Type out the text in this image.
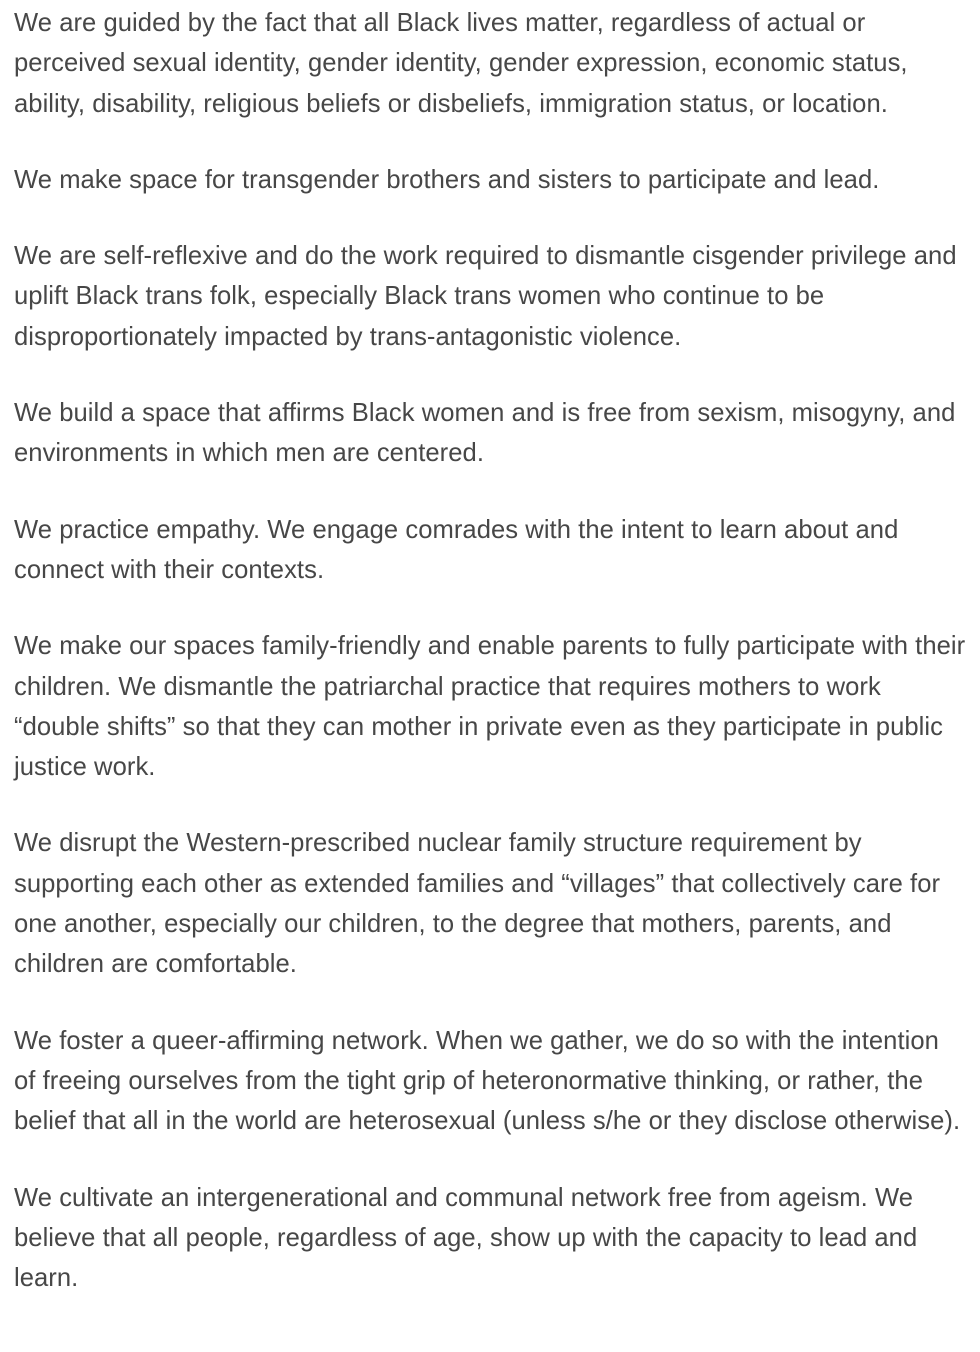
We are guided by the fact that all Black lives matter, regardless of actual or perceived sexual identity, gender identity, gender expression, economic status, ability, disability, religious beliefs or disbeliefs, immigration status, or location.

We make space for transgender brothers and sisters to participate and lead.

We are self-reflexive and do the work required to dismantle cisgender privilege and uplift Black trans folk, especially Black trans women who continue to be disproportionately impacted by trans-antagonistic violence.

We build a space that affirms Black women and is free from sexism, misogyny, and environments in which men are centered.

We practice empathy. We engage comrades with the intent to learn about and connect with their contexts.

We make our spaces family-friendly and enable parents to fully participate with their children. We dismantle the patriarchal practice that requires mothers to work “double shifts” so that they can mother in private even as they participate in public justice work.

We disrupt the Western-prescribed nuclear family structure requirement by supporting each other as extended families and “villages” that collectively care for one another, especially our children, to the degree that mothers, parents, and children are comfortable.

We foster a queer‐affirming network. When we gather, we do so with the intention of freeing ourselves from the tight grip of heteronormative thinking, or rather, the belief that all in the world are heterosexual (unless s/he or they disclose otherwise).

We cultivate an intergenerational and communal network free from ageism. We believe that all people, regardless of age, show up with the capacity to lead and learn.
